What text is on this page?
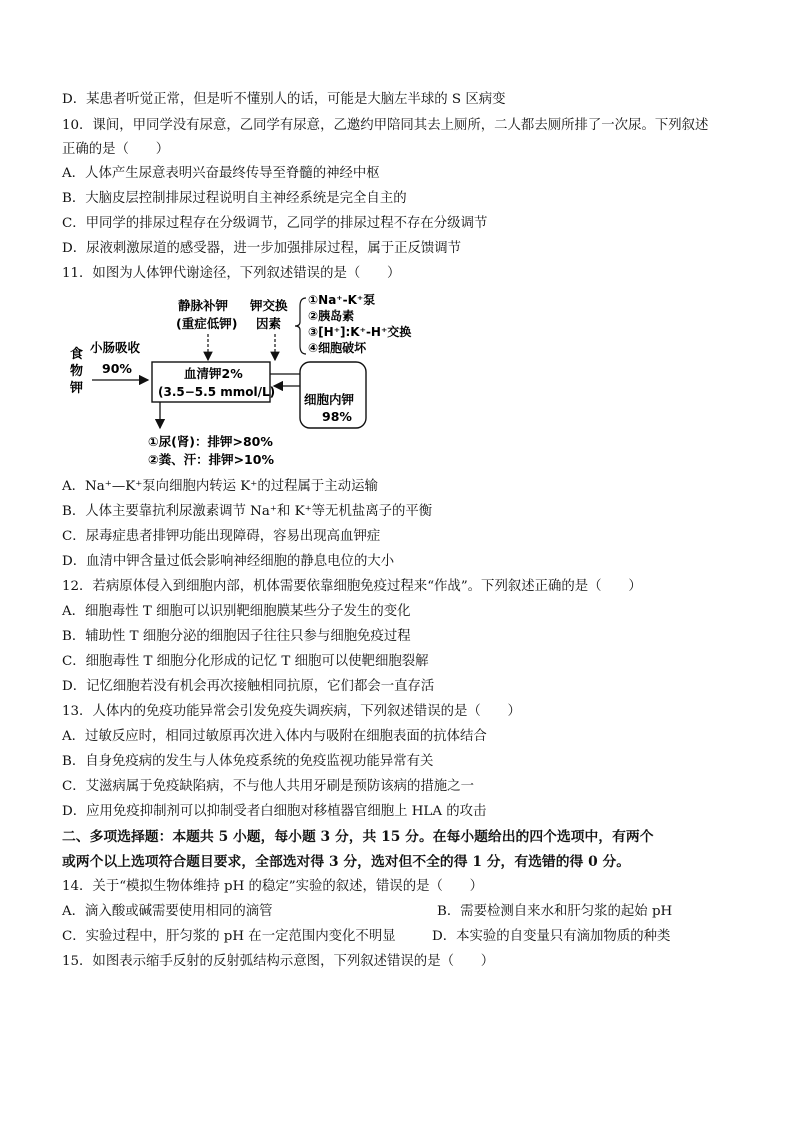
D．某患者听觉正常，但是听不懂别人的话，可能是大脑左半球的 S 区病变
10．课间，甲同学没有尿意，乙同学有尿意，乙邀约甲陪同其去上厕所，二人都去厕所排了一次尿。下列叙述
正确的是（　　）
A．人体产生尿意表明兴奋最终传导至脊髓的神经中枢
B．大脑皮层控制排尿过程说明自主神经系统是完全自主的
C．甲同学的排尿过程存在分级调节，乙同学的排尿过程不存在分级调节
D．尿液刺激尿道的感受器，进一步加强排尿过程，属于正反馈调节
11．如图为人体钾代谢途径，下列叙述错误的是（　　）
食
物
钾
小肠吸收
90%
静脉补钾
(重症低钾)
钾交换
因素
①Na⁺-K⁺泵
②胰岛素
③[H⁺]:K⁺-H⁺交换
④细胞破坏
血清钾2%
(3.5−5.5 mmol/L) 细胞内钾
98%
①尿(肾)：排钾>80%
②粪、汗：排钾>10%
A．Na⁺—K⁺泵向细胞内转运 K⁺的过程属于主动运输
B．人体主要靠抗利尿激素调节 Na⁺和 K⁺等无机盐离子的平衡
C．尿毒症患者排钾功能出现障碍，容易出现高血钾症
D．血清中钾含量过低会影响神经细胞的静息电位的大小
12．若病原体侵入到细胞内部，机体需要依靠细胞免疫过程来“作战”。下列叙述正确的是（　　）
A．细胞毒性 T 细胞可以识别靶细胞膜某些分子发生的变化
B．辅助性 T 细胞分泌的细胞因子往往只参与细胞免疫过程
C．细胞毒性 T 细胞分化形成的记忆 T 细胞可以使靶细胞裂解
D．记忆细胞若没有机会再次接触相同抗原，它们都会一直存活
13．人体内的免疫功能异常会引发免疫失调疾病，下列叙述错误的是（　　）
A．过敏反应时，相同过敏原再次进入体内与吸附在细胞表面的抗体结合
B．自身免疫病的发生与人体免疫系统的免疫监视功能异常有关
C．艾滋病属于免疫缺陷病，不与他人共用牙刷是预防该病的措施之一
D．应用免疫抑制剂可以抑制受者白细胞对移植器官细胞上 HLA 的攻击
二、多项选择题：本题共 5 小题，每小题 3 分，共 15 分。在每小题给出的四个选项中，有两个
或两个以上选项符合题目要求，全部选对得 3 分，选对但不全的得 1 分，有选错的得 0 分。
14．关于“模拟生物体维持 pH 的稳定”实验的叙述，错误的是（　　）
A．滴入酸或碱需要使用相同的滴管	B．需要检测自来水和肝匀浆的起始 pH
C．实验过程中，肝匀浆的 pH 在一定范围内变化不明显	D．本实验的自变量只有滴加物质的种类
15．如图表示缩手反射的反射弧结构示意图，下列叙述错误的是（　　）
